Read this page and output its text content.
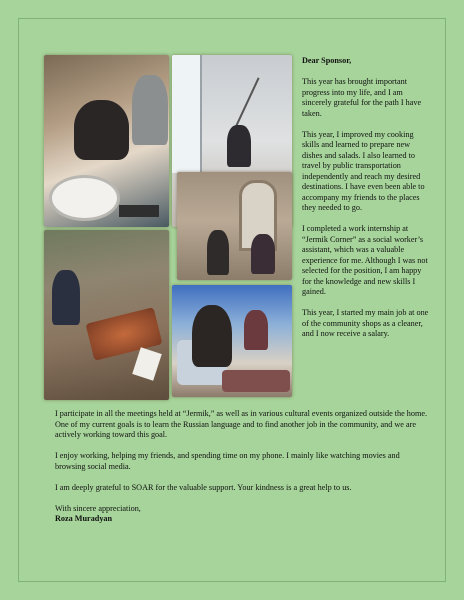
Dear Sponsor,

This year has brought important progress into my life, and I am sincerely grateful for the path I have taken.

This year, I improved my cooking skills and learned to prepare new dishes and salads. I also learned to travel by public transportation independently and reach my desired destinations. I have even been able to accompany my friends to the places they needed to go.

I completed a work internship at “Jermik Corner” as a social worker’s assistant, which was a valuable experience for me. Although I was not selected for the position, I am happy for the knowledge and new skills I gained.

This year, I started my main job at one of the community shops as a cleaner, and I now receive a salary.

I participate in all the meetings held at “Jermik,” as well as in various cultural events organized outside the home. One of my current goals is to learn the Russian language and to find another job in the community, and we are actively working toward this goal.

I enjoy working, helping my friends, and spending time on my phone. I mainly like watching movies and browsing social media.

I am deeply grateful to SOAR for the valuable support. Your kindness is a great help to us.

With sincere appreciation,

Roza Muradyan
